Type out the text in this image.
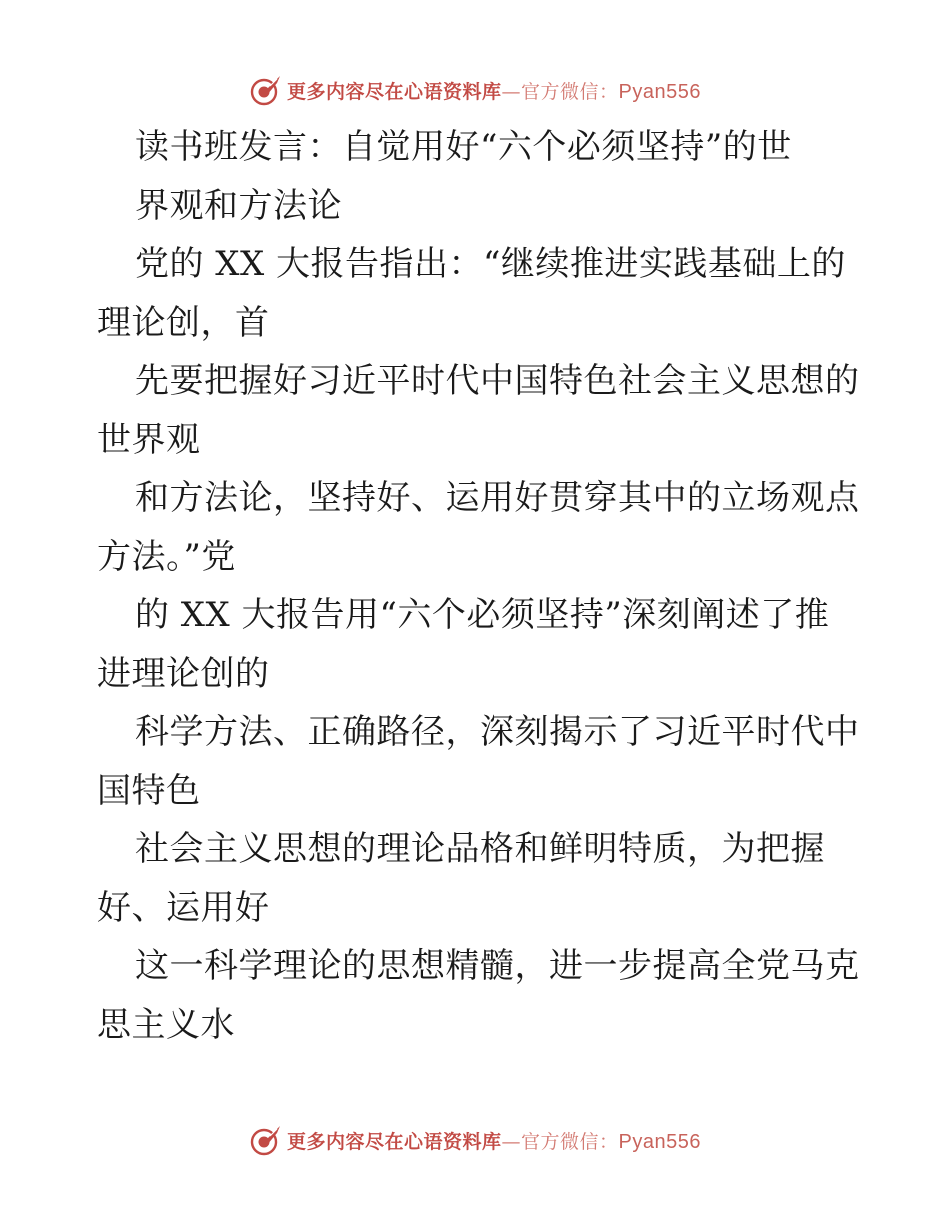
更多内容尽在心语资料库—官方微信：Pyan556
读书班发言：自觉用好“六个必须坚持”的世
界观和方法论
党的 XX 大报告指出：“继续推进实践基础上的
理论创，首
先要把握好习近平时代中国特色社会主义思想的
世界观
和方法论，坚持好、运用好贯穿其中的立场观点
方法。”党
的 XX 大报告用“六个必须坚持”深刻阐述了推
进理论创的
科学方法、正确路径，深刻揭示了习近平时代中
国特色
社会主义思想的理论品格和鲜明特质，为把握
好、运用好
这一科学理论的思想精髓，进一步提高全党马克
思主义水
更多内容尽在心语资料库—官方微信：Pyan556
